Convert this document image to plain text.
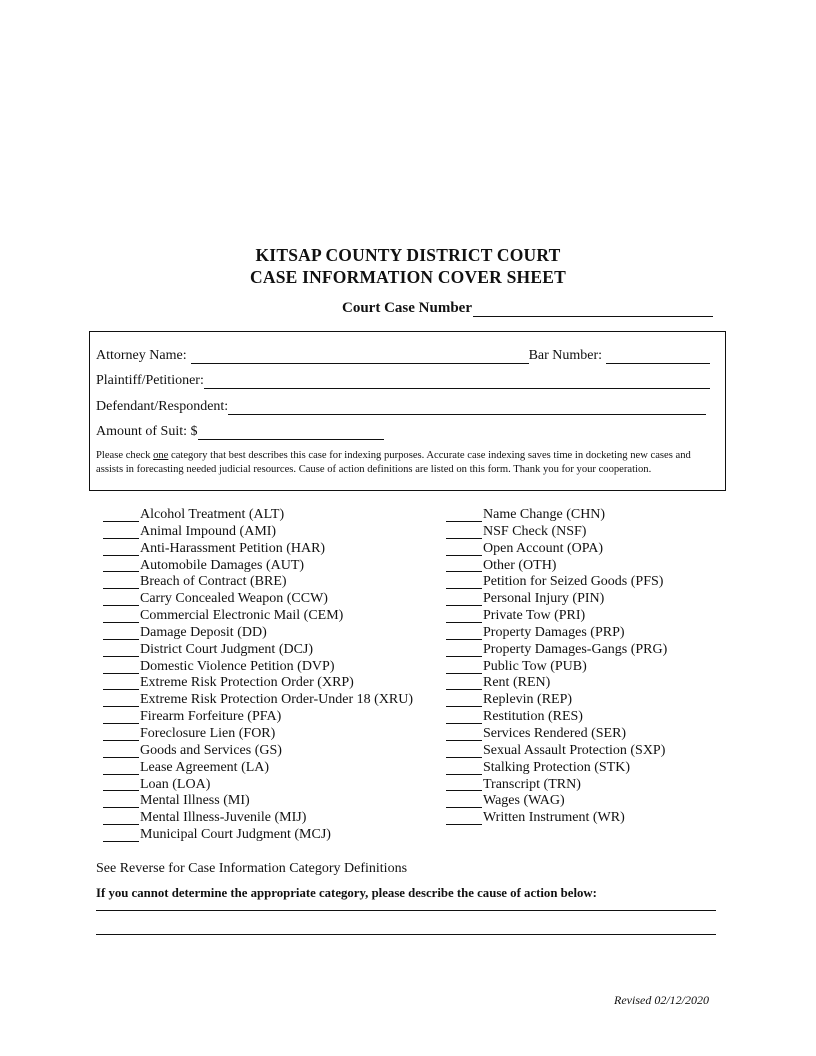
KITSAP COUNTY DISTRICT COURT
CASE INFORMATION COVER SHEET
Court Case Number
Attorney Name:	Bar Number:
Plaintiff/Petitioner:
Defendant/Respondent:
Amount of Suit: $
Please check one category that best describes this case for indexing purposes. Accurate case indexing saves time in docketing new cases and assists in forecasting needed judicial resources. Cause of action definitions are listed on this form. Thank you for your cooperation.
Alcohol Treatment (ALT)
Animal Impound (AMI)
Anti-Harassment Petition (HAR)
Automobile Damages (AUT)
Breach of Contract (BRE)
Carry Concealed Weapon (CCW)
Commercial Electronic Mail (CEM)
Damage Deposit (DD)
District Court Judgment (DCJ)
Domestic Violence Petition (DVP)
Extreme Risk Protection Order (XRP)
Extreme Risk Protection Order-Under 18 (XRU)
Firearm Forfeiture (PFA)
Foreclosure Lien (FOR)
Goods and Services (GS)
Lease Agreement (LA)
Loan (LOA)
Mental Illness (MI)
Mental Illness-Juvenile (MIJ)
Municipal Court Judgment (MCJ)
Name Change (CHN)
NSF Check (NSF)
Open Account (OPA)
Other (OTH)
Petition for Seized Goods (PFS)
Personal Injury (PIN)
Private Tow (PRI)
Property Damages (PRP)
Property Damages-Gangs (PRG)
Public Tow (PUB)
Rent (REN)
Replevin (REP)
Restitution (RES)
Services Rendered (SER)
Sexual Assault Protection (SXP)
Stalking Protection (STK)
Transcript (TRN)
Wages (WAG)
Written Instrument (WR)
See Reverse for Case Information Category Definitions
If you cannot determine the appropriate category, please describe the cause of action below:
Revised 02/12/2020
